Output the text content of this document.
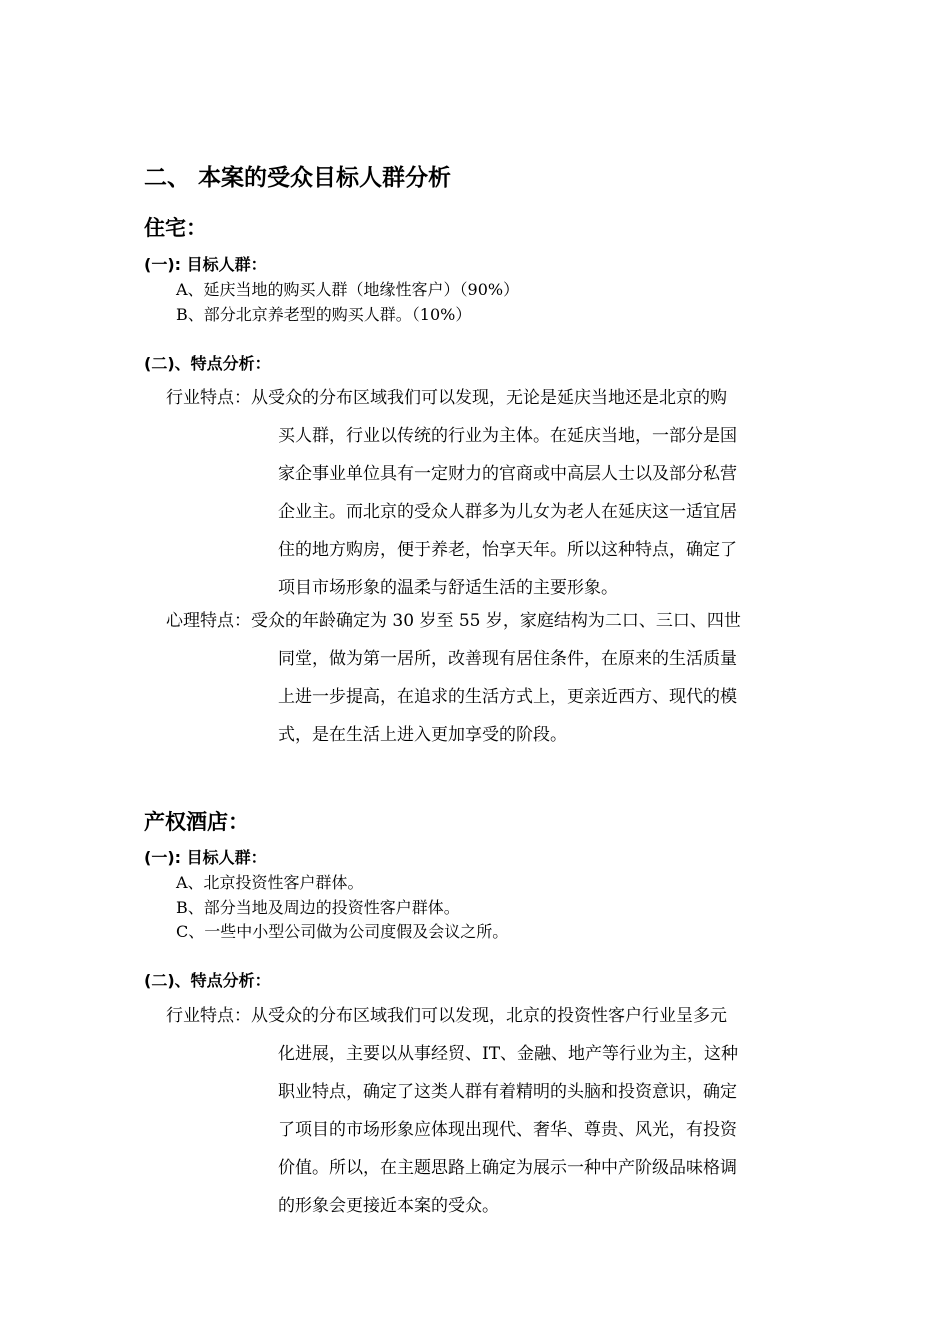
二、 本案的受众目标人群分析
住宅：
(一): 目标人群：
A、延庆当地的购买人群（地缘性客户）（90%）
B、部分北京养老型的购买人群。（10%）
(二)、特点分析：
行业特点：从受众的分布区域我们可以发现，无论是延庆当地还是北京的购
买人群，行业以传统的行业为主体。在延庆当地，一部分是国
家企事业单位具有一定财力的官商或中高层人士以及部分私营
企业主。而北京的受众人群多为儿女为老人在延庆这一适宜居
住的地方购房，便于养老，怡享天年。所以这种特点，确定了
项目市场形象的温柔与舒适生活的主要形象。
心理特点：受众的年龄确定为 30 岁至 55 岁，家庭结构为二口、三口、四世
同堂，做为第一居所，改善现有居住条件，在原来的生活质量
上进一步提高，在追求的生活方式上，更亲近西方、现代的模
式，是在生活上进入更加享受的阶段。
产权酒店：
(一): 目标人群：
A、北京投资性客户群体。
B、部分当地及周边的投资性客户群体。
C、一些中小型公司做为公司度假及会议之所。
(二)、特点分析：
行业特点：从受众的分布区域我们可以发现，北京的投资性客户行业呈多元
化进展，主要以从事经贸、IT、金融、地产等行业为主，这种
职业特点，确定了这类人群有着精明的头脑和投资意识，确定
了项目的市场形象应体现出现代、奢华、尊贵、风光，有投资
价值。所以，在主题思路上确定为展示一种中产阶级品味格调
的形象会更接近本案的受众。
